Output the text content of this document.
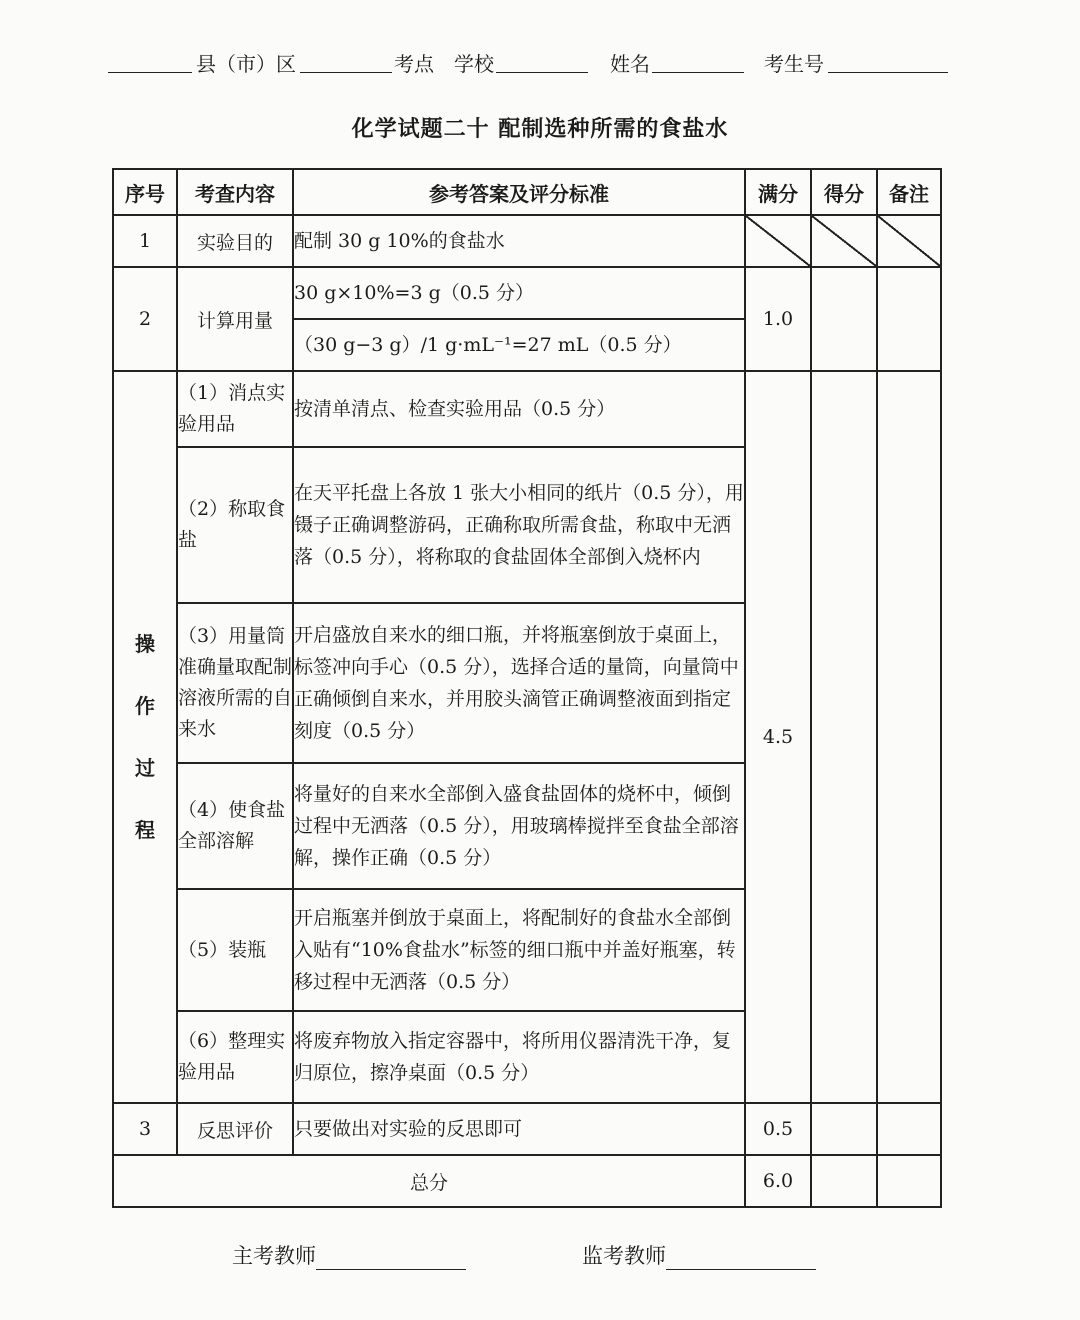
县（市）区	考点 学校	姓名	考生号
化学试题二十 配制选种所需的食盐水
序号	考查内容	参考答案及评分标准	满分	得分	备注
1	实验目的	配制 30 g 10%的食盐水			
2	计算用量	30 g×10%=3 g（0.5 分）	1.0		
		（30 g−3 g）/1 g·mL⁻¹=27 mL（0.5 分）			
操
作
过
程	（1）消点实验用品	按清单清点、检查实验用品（0.5 分）	4.5		
	（2）称取食盐	在天平托盘上各放 1 张大小相同的纸片（0.5 分），用镊子正确调整游码，正确称取所需食盐，称取中无洒落（0.5 分），将称取的食盐固体全部倒入烧杯内			
	（3）用量筒准确量取配制溶液所需的自来水	开启盛放自来水的细口瓶，并将瓶塞倒放于桌面上，标签冲向手心（0.5 分），选择合适的量筒，向量筒中正确倾倒自来水，并用胶头滴管正确调整液面到指定刻度（0.5 分）			
	（4）使食盐全部溶解	将量好的自来水全部倒入盛食盐固体的烧杯中，倾倒过程中无洒落（0.5 分），用玻璃棒搅拌至食盐全部溶解，操作正确（0.5 分）			
	（5）装瓶	开启瓶塞并倒放于桌面上，将配制好的食盐水全部倒入贴有“10%食盐水”标签的细口瓶中并盖好瓶塞，转移过程中无洒落（0.5 分）			
	（6）整理实验用品	将废弃物放入指定容器中，将所用仪器清洗干净，复归原位，擦净桌面（0.5 分）			
3	反思评价	只要做出对实验的反思即可	0.5		
总分			6.0		
主考教师	监考教师
